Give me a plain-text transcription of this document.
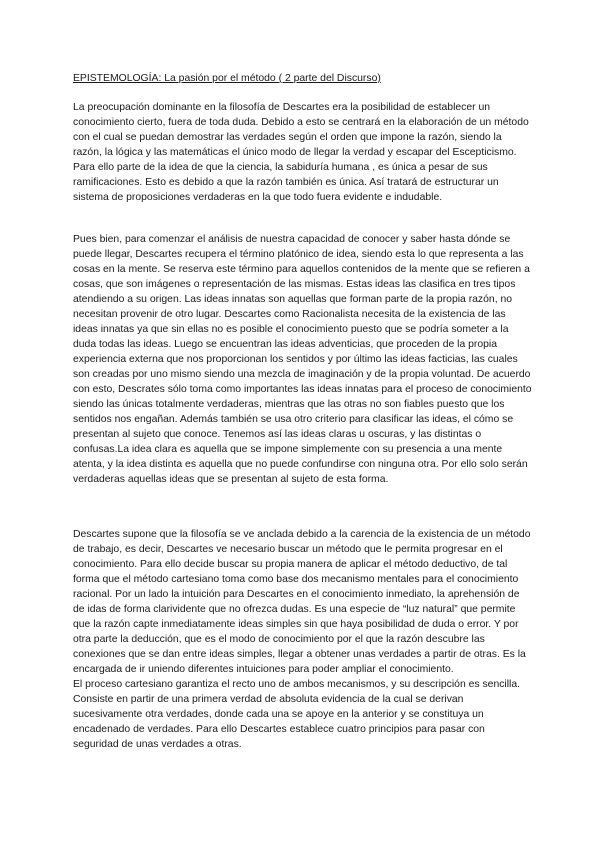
EPISTEMOLOGÍA: La pasión por el método ( 2 parte del Discurso)

La preocupación dominante en la filosofía de Descartes era la posibilidad de establecer un conocimiento cierto, fuera de toda duda. Debido a esto se centrará en la elaboración de un método con el cual se puedan demostrar las verdades según el orden que impone la razón, siendo la razón, la lógica y las matemáticas el único modo de llegar la verdad y escapar del Escepticismo. Para ello parte de la idea de que la ciencia, la sabiduría humana , es única a pesar de sus ramificaciones. Esto es debido a que la razón también es única. Así tratará de estructurar un sistema de proposiciones verdaderas en la que todo fuera evidente e indudable.

Pues bien, para comenzar el análisis de nuestra capacidad de conocer y saber hasta dónde se puede llegar, Descartes recupera el término platónico de idea, siendo esta lo que representa a las cosas en la mente. Se reserva este término para aquellos contenidos de la mente que se refieren a cosas, que son imágenes o representación de las mismas. Estas ideas las clasifica en tres tipos atendiendo a su origen. Las ideas innatas son aquellas que forman parte de la propia razón, no necesitan provenir de otro lugar. Descartes como Racionalista necesita de la existencia de las ideas innatas ya que sin ellas no es posible el conocimiento puesto que se podría someter a la duda todas las ideas. Luego se encuentran las ideas adventicias, que proceden de la propia experiencia externa que nos proporcionan los sentidos y por último las ideas facticias, las cuales son creadas por uno mismo siendo una mezcla de imaginación y de la propia voluntad. De acuerdo con esto, Descrates sólo toma como importantes las ideas innatas para el proceso de conocimiento siendo las únicas totalmente verdaderas, mientras que las otras no son fiables puesto que los sentidos nos engañan. Además también se usa otro criterio para clasificar las ideas, el cómo se presentan al sujeto que conoce. Tenemos así las ideas claras u oscuras, y las distintas o confusas.La idea clara es aquella que se impone simplemente con su presencia a una mente atenta, y la idea distinta es aquella que no puede confundirse con ninguna otra. Por ello solo serán verdaderas aquellas ideas que se presentan al sujeto de esta forma.

Descartes supone que la filosofía se ve anclada debido a la carencia de la existencia de un método de trabajo, es decir, Descartes ve necesario buscar un método que le permita progresar en el conocimiento. Para ello decide buscar su propia manera de aplicar el método deductivo, de tal forma que el método cartesiano toma como base dos mecanismo mentales para el conocimiento racional. Por un lado la intuición para Descartes en el conocimiento inmediato, la aprehensión de de idas de forma clarividente que no ofrezca dudas. Es una especie de “luz natural” que permite que la razón capte inmediatamente ideas simples sin que haya posibilidad de duda o error. Y por otra parte la deducción, que es el modo de conocimiento por el que la razón descubre las conexiones que se dan entre ideas simples, llegar a obtener unas verdades a partir de otras. Es la encargada de ir uniendo diferentes intuiciones para poder ampliar el conocimiento.
El proceso cartesiano garantiza el recto uno de ambos mecanismos, y su descripción es sencilla. Consiste en partir de una primera verdad de absoluta evidencia de la cual se derivan sucesivamente otra verdades, donde cada una se apoye en la anterior y se constituya un encadenado de verdades. Para ello Descartes establece cuatro principios para pasar con seguridad de unas verdades a otras.
